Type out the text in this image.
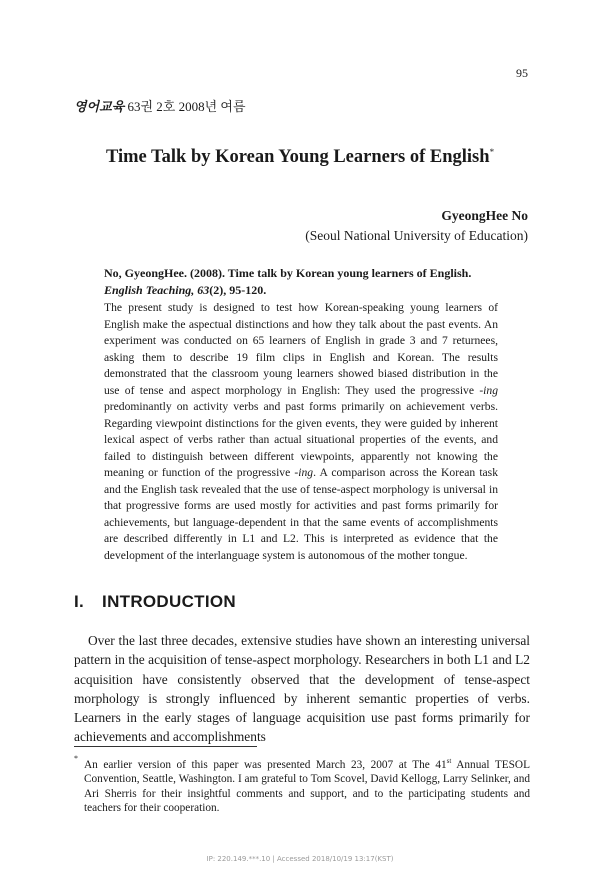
95
영어교육 63권 2호 2008년 여름
Time Talk by Korean Young Learners of English*
GyeongHee No
(Seoul National University of Education)
No, GyeongHee. (2008). Time talk by Korean young learners of English. English Teaching, 63(2), 95-120.
The present study is designed to test how Korean-speaking young learners of English make the aspectual distinctions and how they talk about the past events. An experiment was conducted on 65 learners of English in grade 3 and 7 returnees, asking them to describe 19 film clips in English and Korean. The results demonstrated that the classroom young learners showed biased distribution in the use of tense and aspect morphology in English: They used the progressive -ing predominantly on activity verbs and past forms primarily on achievement verbs. Regarding viewpoint distinctions for the given events, they were guided by inherent lexical aspect of verbs rather than actual situational properties of the events, and failed to distinguish between different viewpoints, apparently not knowing the meaning or function of the progressive -ing. A comparison across the Korean task and the English task revealed that the use of tense-aspect morphology is universal in that progressive forms are used mostly for activities and past forms primarily for achievements, but language-dependent in that the same events of accomplishments are described differently in L1 and L2. This is interpreted as evidence that the development of the interlanguage system is autonomous of the mother tongue.
I. INTRODUCTION
Over the last three decades, extensive studies have shown an interesting universal pattern in the acquisition of tense-aspect morphology. Researchers in both L1 and L2 acquisition have consistently observed that the development of tense-aspect morphology is strongly influenced by inherent semantic properties of verbs. Learners in the early stages of language acquisition use past forms primarily for achievements and accomplishments
*
An earlier version of this paper was presented March 23, 2007 at The 41st Annual TESOL Convention, Seattle, Washington. I am grateful to Tom Scovel, David Kellogg, Larry Selinker, and Ari Sherris for their insightful comments and support, and to the participating students and teachers for their cooperation.
IP: 220.149.***.10 | Accessed 2018/10/19 13:17(KST)
